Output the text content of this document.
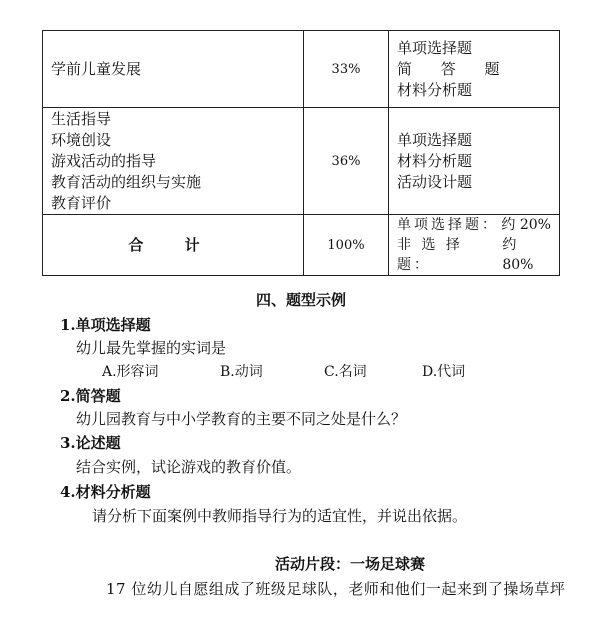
学前儿童发展	33%	单项选择题
简 答 题
材料分析题

生活指导
环境创设
游戏活动的指导
教育活动的组织与实施
教育评价	36%	单项选择题
材料分析题
活动设计题

合 计	100%	单项选择题： 约 20%
非 选 择 题：
约 80%
四、题型示例
1.单项选择题
幼儿最先掌握的实词是
A.形容词	B.动词	C.名词	D.代词
2.简答题
幼儿园教育与中小学教育的主要不同之处是什么？
3.论述题
结合实例，试论游戏的教育价值。
4.材料分析题
请分析下面案例中教师指导行为的适宜性，并说出依据。
活动片段：一场足球赛
17 位幼儿自愿组成了班级足球队，老师和他们一起来到了操场草坪
